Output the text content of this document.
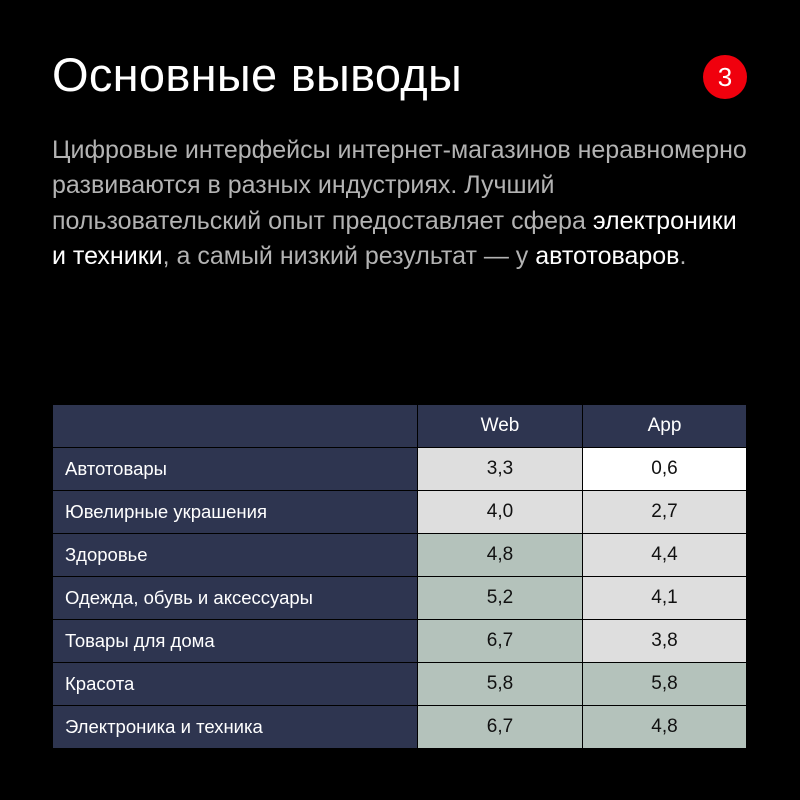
Основные выводы	3
Цифровые интерфейсы интернет-магазинов неравномерно развиваются в разных индустриях. Лучший пользовательский опыт предоставляет сфера электроники и техники, а самый низкий результат — у автотоваров.
	Web	App
Автотовары	3,3	0,6
Ювелирные украшения	4,0	2,7
Здоровье	4,8	4,4
Одежда, обувь и аксессуары	5,2	4,1
Товары для дома	6,7	3,8
Красота	5,8	5,8
Электроника и техника	6,7	4,8
